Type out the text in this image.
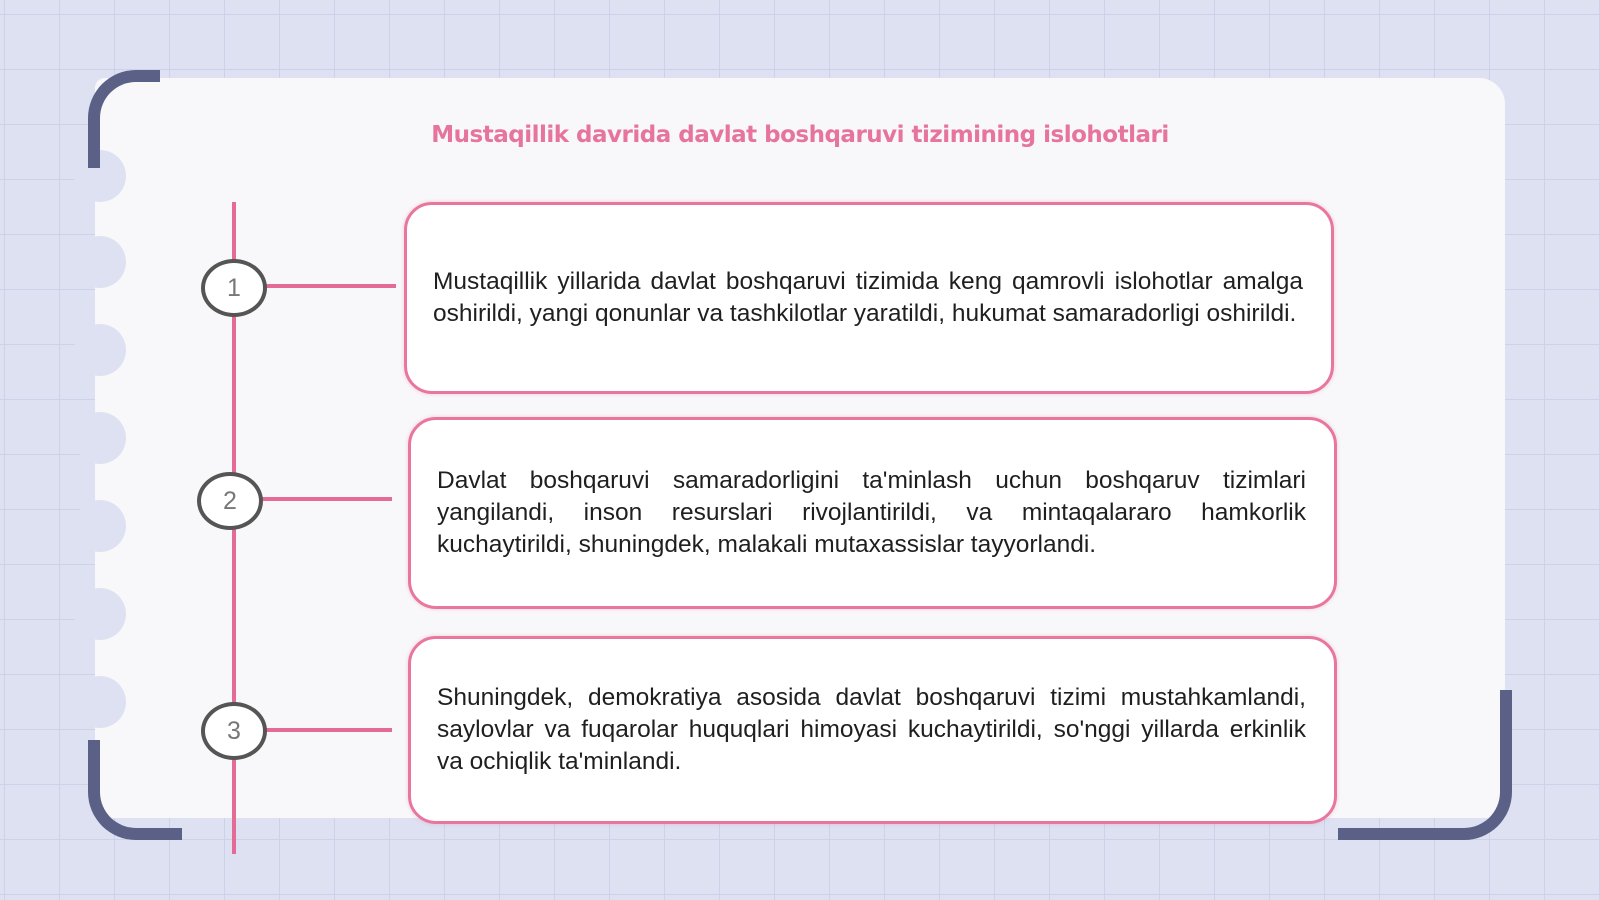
Mustaqillik davrida davlat boshqaruvi tizimining islohotlari
1	Mustaqillik yillarida davlat boshqaruvi tizimida keng qamrovli islohotlar amalga oshirildi, yangi qonunlar va tashkilotlar yaratildi, hukumat samaradorligi oshirildi.

2

Davlat boshqaruvi samaradorligini ta'minlash uchun boshqaruv tizimlari yangilandi, inson resurslari rivojlantirildi, va mintaqalararo hamkorlik kuchaytirildi, shuningdek, malakali mutaxassislar tayyorlandi.

3

Shuningdek, demokratiya asosida davlat boshqaruvi tizimi mustahkamlandi, saylovlar va fuqarolar huquqlari himoyasi kuchaytirildi, so'nggi yillarda erkinlik va ochiqlik ta'minlandi.
